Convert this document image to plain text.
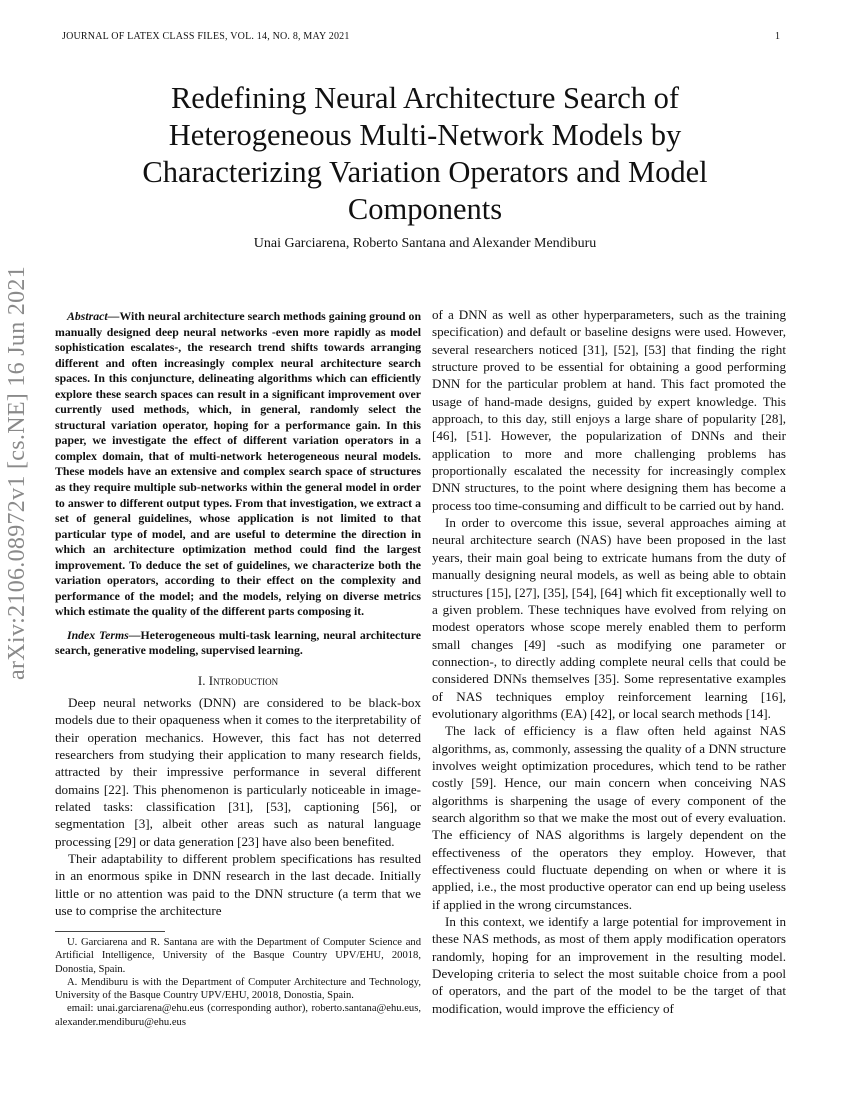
JOURNAL OF LATEX CLASS FILES, VOL. 14, NO. 8, MAY 2021	1
arXiv:2106.08972v1 [cs.NE] 16 Jun 2021
Redefining Neural Architecture Search of Heterogeneous Multi-Network Models by Characterizing Variation Operators and Model Components
Unai Garciarena, Roberto Santana and Alexander Mendiburu

Abstract—With neural architecture search methods gaining ground on manually designed deep neural networks -even more rapidly as model sophistication escalates-, the research trend shifts towards arranging different and often increasingly complex neural architecture search spaces. In this conjuncture, delineating algorithms which can efficiently explore these search spaces can result in a significant improvement over currently used methods, which, in general, randomly select the structural variation operator, hoping for a performance gain. In this paper, we investigate the effect of different variation operators in a complex domain, that of multi-network heterogeneous neural models. These models have an extensive and complex search space of structures as they require multiple sub-networks within the general model in order to answer to different output types. From that investigation, we extract a set of general guidelines, whose application is not limited to that particular type of model, and are useful to determine the direction in which an architecture optimization method could find the largest improvement. To deduce the set of guidelines, we characterize both the variation operators, according to their effect on the complexity and performance of the model; and the models, relying on diverse metrics which estimate the quality of the different parts composing it.

Index Terms—Heterogeneous multi-task learning, neural architecture search, generative modeling, supervised learning.

I. Introduction

Deep neural networks (DNN) are considered to be black-box models due to their opaqueness when it comes to the iterpretability of their operation mechanics. However, this fact has not deterred researchers from studying their application to many research fields, attracted by their impressive performance in several different domains [22]. This phenomenon is particularly noticeable in image-related tasks: classification [31], [53], captioning [56], or segmentation [3], albeit other areas such as natural language processing [29] or data generation [23] have also been benefited.

Their adaptability to different problem specifications has resulted in an enormous spike in DNN research in the last decade. Initially little or no attention was paid to the DNN structure (a term that we use to comprise the architecture

U. Garciarena and R. Santana are with the Department of Computer Science and Artificial Intelligence, University of the Basque Country UPV/EHU, 20018, Donostia, Spain.

A. Mendiburu is with the Department of Computer Architecture and Technology, University of the Basque Country UPV/EHU, 20018, Donostia, Spain.

email: unai.garciarena@ehu.eus (corresponding author), roberto.santana@ehu.eus, alexander.mendiburu@ehu.eus

of a DNN as well as other hyperparameters, such as the training specification) and default or baseline designs were used. However, several researchers noticed [31], [52], [53] that finding the right structure proved to be essential for obtaining a good performing DNN for the particular problem at hand. This fact promoted the usage of hand-made designs, guided by expert knowledge. This approach, to this day, still enjoys a large share of popularity [28], [46], [51]. However, the popularization of DNNs and their application to more and more challenging problems has proportionally escalated the necessity for increasingly complex DNN structures, to the point where designing them has become a process too time-consuming and difficult to be carried out by hand.

In order to overcome this issue, several approaches aiming at neural architecture search (NAS) have been proposed in the last years, their main goal being to extricate humans from the duty of manually designing neural models, as well as being able to obtain structures [15], [27], [35], [54], [64] which fit exceptionally well to a given problem. These techniques have evolved from relying on modest operators whose scope merely enabled them to perform small changes [49] -such as modifying one parameter or connection-, to directly adding complete neural cells that could be considered DNNs themselves [35]. Some representative examples of NAS techniques employ reinforcement learning [16], evolutionary algorithms (EA) [42], or local search methods [14].

The lack of efficiency is a flaw often held against NAS algorithms, as, commonly, assessing the quality of a DNN structure involves weight optimization procedures, which tend to be rather costly [59]. Hence, our main concern when conceiving NAS algorithms is sharpening the usage of every component of the search algorithm so that we make the most out of every evaluation. The efficiency of NAS algorithms is largely dependent on the effectiveness of the operators they employ. However, that effectiveness could fluctuate depending on when or where it is applied, i.e., the most productive operator can end up being useless if applied in the wrong circumstances.

In this context, we identify a large potential for improvement in these NAS methods, as most of them apply modification operators randomly, hoping for an improvement in the resulting model. Developing criteria to select the most suitable choice from a pool of operators, and the part of the model to be the target of that modification, would improve the efficiency of
